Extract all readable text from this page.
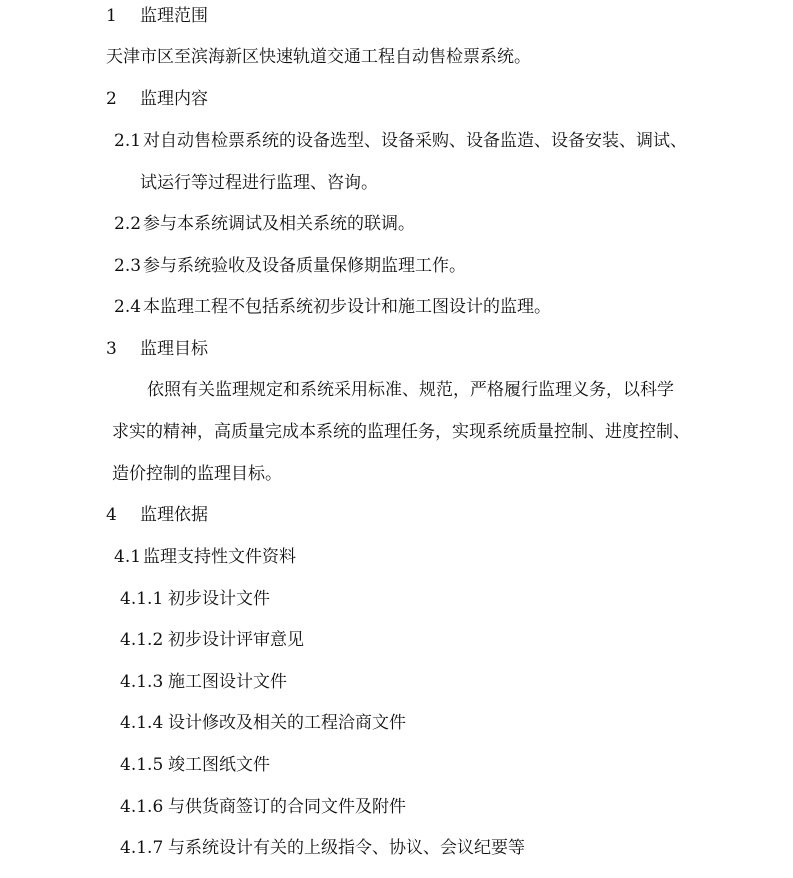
1 监理范围
天津市区至滨海新区快速轨道交通工程自动售检票系统。
2 监理内容
2.1 对自动售检票系统的设备选型、设备采购、设备监造、设备安装、调试、
试运行等过程进行监理、咨询。
2.2 参与本系统调试及相关系统的联调。
2.3 参与系统验收及设备质量保修期监理工作。
2.4 本监理工程不包括系统初步设计和施工图设计的监理。
3 监理目标
依照有关监理规定和系统采用标准、规范，严格履行监理义务，以科学
求实的精神，高质量完成本系统的监理任务，实现系统质量控制、进度控制、
造价控制的监理目标。
4 监理依据
4.1 监理支持性文件资料
4.1.1 初步设计文件
4.1.2 初步设计评审意见
4.1.3 施工图设计文件
4.1.4 设计修改及相关的工程洽商文件
4.1.5 竣工图纸文件
4.1.6 与供货商签订的合同文件及附件
4.1.7 与系统设计有关的上级指令、协议、会议纪要等
